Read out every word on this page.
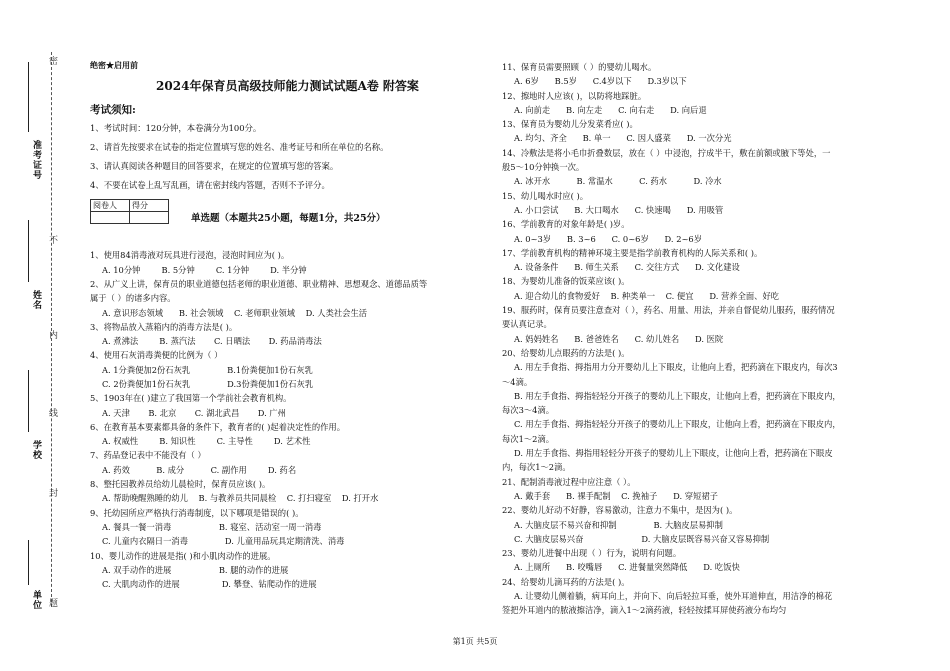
准考证号
姓名
学校
单位
密
不
内
线
封
题
绝密★启用前
2024年保育员高级技师能力测试试题A卷 附答案
考试须知:
1、考试时间：120分钟，本卷满分为100分。
2、请首先按要求在试卷的指定位置填写您的姓名、准考证号和所在单位的名称。
3、请认真阅读各种题目的回答要求，在规定的位置填写您的答案。
4、不要在试卷上乱写乱画，请在密封线内答题，否则不予评分。
阅卷人	得分

单选题（本题共25小题，每题1分，共25分）
1、使用84消毒液对玩具进行浸泡，浸泡时间应为( )。
A. 10分钟        B. 5分钟        C. 1分钟        D. 半分钟
2、从广义上讲，保育员的职业道德包括老师的职业道德、职业精神、思想观念、道德品质等
属于（ ）的诸多内容。
A. 意识形态领域      B. 社会领域    C. 老师职业领域    D. 人类社会生活
3、将物品放入蒸箱内的消毒方法是( )。
A. 煮沸法        B. 蒸汽法       C. 日晒法       D. 药品消毒法
4、使用石灰消毒粪便的比例为（ ）
A. 1分粪便加2份石灰乳              B.1份粪便加1份石灰乳
C. 2份粪便加1份石灰乳              D.3份粪便加1份石灰乳
5、1903年在( )建立了我国第一个学前社会教育机构。
A. 天津       B. 北京       C. 湖北武昌       D. 广州
6、在教育基本要素都具备的条件下，教育者的( )起着决定性的作用。
A. 权威性        B. 知识性        C. 主导性        D. 艺术性
7、药品登记表中不能没有（ ）
A. 药效          B. 成分          C. 副作用        D. 药名
8、整托园教养员给幼儿晨检时，保育员应该( )。
A. 帮助晚醒熟睡的幼儿    B. 与教养员共同晨检    C. 打扫寝室    D. 打开水
9、托幼园所应严格执行消毒制度，以下哪项是错误的( )。
A. 餐具一餐一消毒                  B. 寝室、活动室一周一消毒
C. 儿童内衣隔日一消毒              D. 儿童用品玩具定期清洗、消毒
10、婴儿动作的进展是指( )和小肌肉动作的进展。
A. 双手动作的进展                  B. 腿的动作的进展
C. 大肌肉动作的进展                D. 攀登、钻爬动作的进展
11、保育员需要照顾（ ）的婴幼儿喝水。
A. 6岁      B.5岁      C.4岁以下      D.3岁以下
12、擦地时人应该( )，以防将地踩脏。
A. 向前走      B. 向左走      C. 向右走      D. 向后退
13、保育员为婴幼儿分发菜肴应( )。
A. 均匀、齐全      B. 单一      C. 因人盛菜      D. 一次分光
14、冷敷法是将小毛巾折叠数层，放在（ ）中浸泡，拧成半干，敷在前额或腋下等处，一
般5～10分钟换一次。
A. 冰开水          B. 常温水          C. 药水          D. 冷水
15、幼儿喝水时应( )。
A. 小口尝试      B. 大口喝水      C. 快速喝      D. 用吸管
16、学前教育的对象年龄是( )岁。
A. 0~3岁      B. 3~6      C. 0~6岁      D. 2~6岁
17、学前教育机构的精神环境主要是指学前教育机构的人际关系和( )。
A. 设备条件      B. 师生关系      C. 交往方式      D. 文化建设
18、为婴幼儿准备的饭菜应该( )。
A. 迎合幼儿的食物爱好    B. 种类单一    C. 便宜      D. 营养全面、好吃
19、服药时，保育员要注意查对（ ），药名、用量、用法，并亲自督促幼儿服药，服药情况
要认真记录。
A. 妈妈姓名      B. 爸爸姓名      C. 幼儿姓名      D. 医院
20、给婴幼儿点眼药的方法是( )。
A. 用左手食指、拇指用力分开婴幼儿上下眼皮，让他向上看，把药滴在下眼皮内，每次3
～4滴。
B. 用左手食指、拇指轻轻分开孩子的婴幼儿上下眼皮，让他向上看，把药滴在下眼皮内，
每次3～4滴。
C. 用左手食指、拇指轻轻分开孩子的婴幼儿上下眼皮，让他向上看，把药滴在下眼皮内，
每次1～2滴。
D. 用左手食指、拇指用轻轻分开孩子的婴幼儿上下眼皮，让他向上看，把药滴在下眼皮
内，每次1～2滴。
21、配制消毒液过程中应注意（ ）。
A. 戴手套      B. 裸手配制    C. 挽袖子      D. 穿短裙子
22、婴幼儿好动不好静，容易激动，注意力不集中，是因为( )。
A. 大脑皮层不易兴奋和抑制              B. 大脑皮层易抑制
C. 大脑皮层易兴奋                      D. 大脑皮层既容易兴奋又容易抑制
23、婴幼儿进餐中出现（ ）行为，说明有问题。
A. 上厕所      B. 咬嘴唇      C. 进餐量突然降低      D. 吃饭快
24、给婴幼儿滴耳药的方法是( )。
A. 让婴幼儿侧着躺，病耳向上，并向下、向后轻拉耳垂，使外耳道伸直，用洁净的棉花
签把外耳道内的脓液擦洁净，滴入1～2滴药液，轻轻按揉耳屏使药液分布均匀
第1页 共5页
